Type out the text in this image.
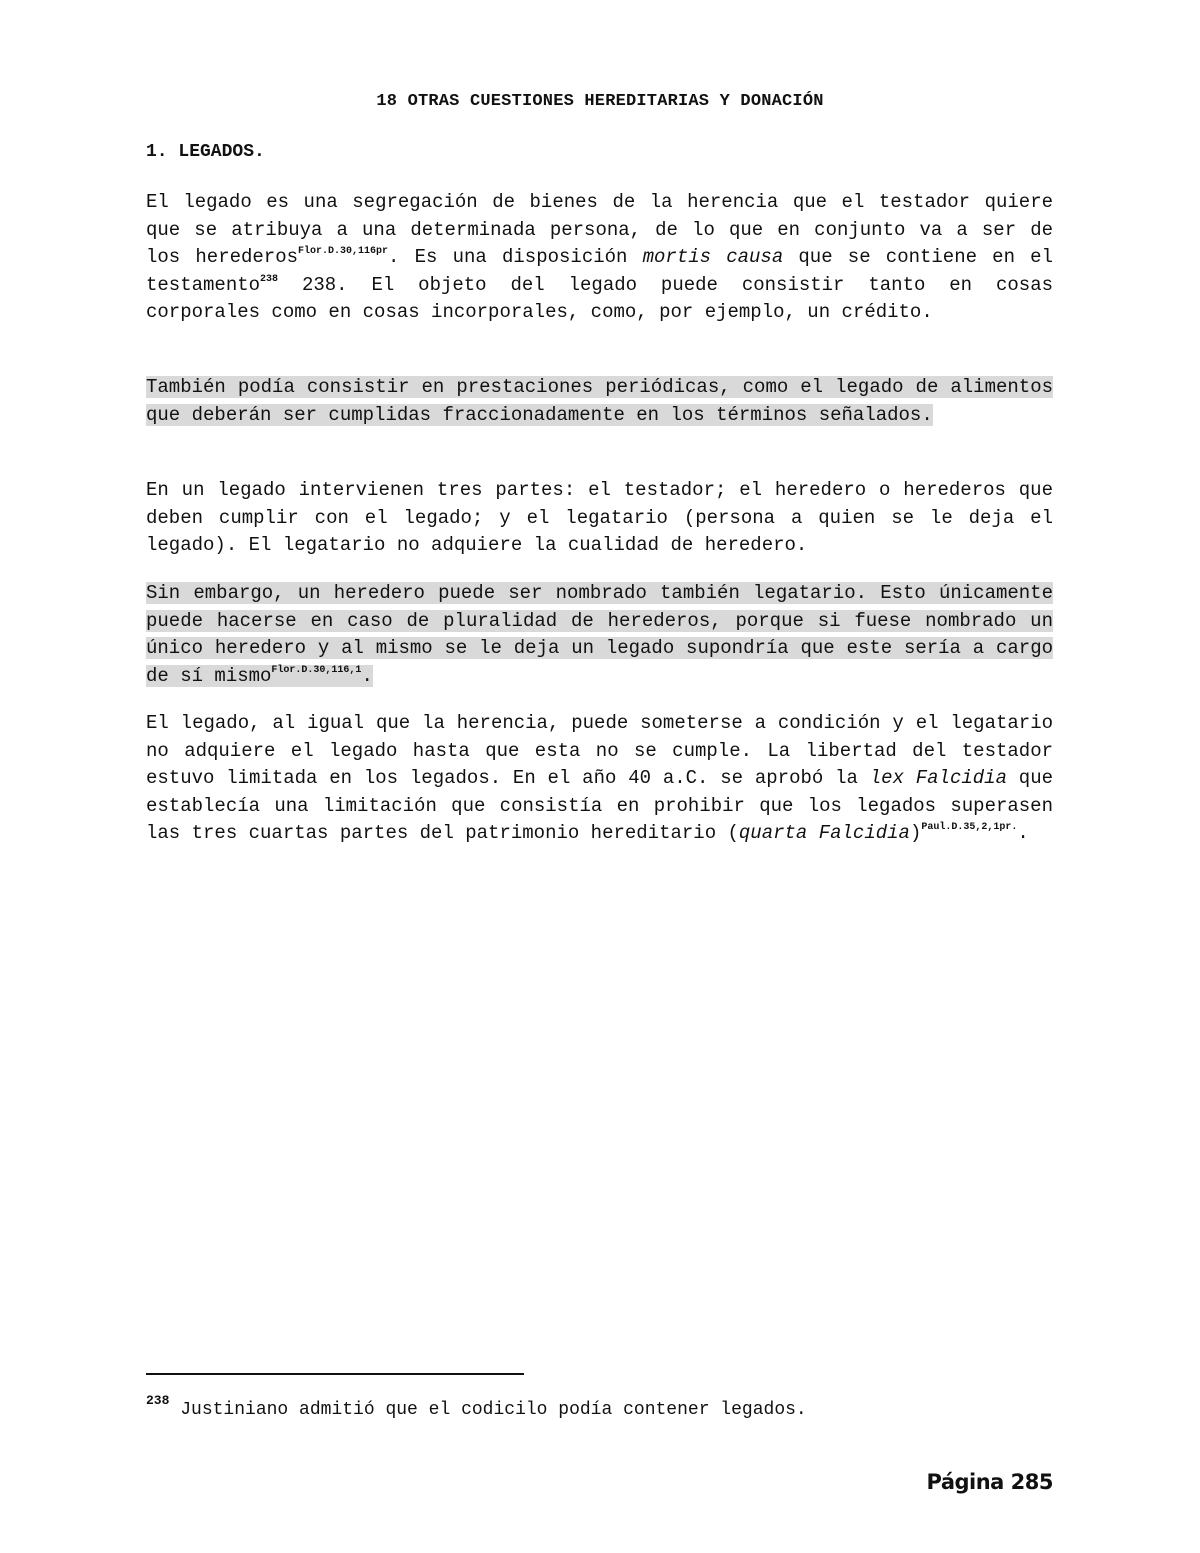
18 OTRAS CUESTIONES HEREDITARIAS Y DONACIÓN
1. LEGADOS.

El legado es una segregación de bienes de la herencia que el testador quiere que se atribuya a una determinada persona, de lo que en conjunto va a ser de los herederos$^{Flor.D.30,116pr}$. Es una disposición mortis causa que se contiene en el testamento$^{238}$ 238. El objeto del legado puede consistir tanto en cosas corporales como en cosas incorporales, como, por ejemplo, un crédito.

También podía consistir en prestaciones periódicas, como el legado de alimentos que deberán ser cumplidas fraccionadamente en los términos señalados.

En un legado intervienen tres partes: el testador; el heredero o herederos que deben cumplir con el legado; y el legatario (persona a quien se le deja el legado). El legatario no adquiere la cualidad de heredero.

Sin embargo, un heredero puede ser nombrado también legatario. Esto únicamente puede hacerse en caso de pluralidad de herederos, porque si fuese nombrado un único heredero y al mismo se le deja un legado supondría que este sería a cargo de sí mismo$^{Flor.D.30,116,1}$.

El legado, al igual que la herencia, puede someterse a condición y el legatario no adquiere el legado hasta que esta no se cumple. La libertad del testador estuvo limitada en los legados. En el año 40 a.C. se aprobó la lex Falcidia que establecía una limitación que consistía en prohibir que los legados superasen las tres cuartas partes del patrimonio hereditario (quarta Falcidia)$^{Paul.D.35,2,1pr.}$.

$^{238}$ Justiniano admitió que el codicilo podía contener legados.
Página 285
